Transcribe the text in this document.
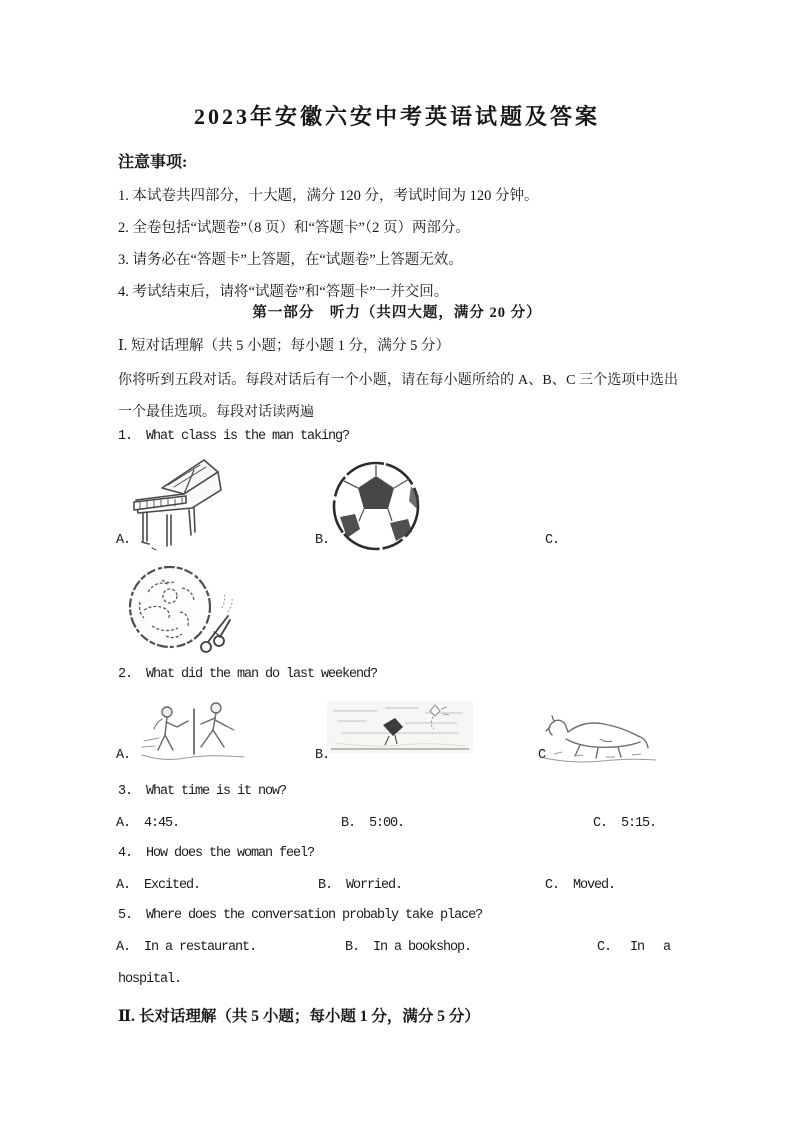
2023年安徽六安中考英语试题及答案
注意事项:
1. 本试卷共四部分，十大题，满分 120 分，考试时间为 120 分钟。
2. 全卷包括“试题卷”（8 页）和“答题卡”（2 页）两部分。
3. 请务必在“答题卡”上答题，在“试题卷”上答题无效。
4. 考试结束后，请将“试题卷”和“答题卡”一并交回。
第一部分　听力（共四大题，满分 20 分）
Ⅰ. 短对话理解（共 5 小题；每小题 1 分，满分 5 分）
你将听到五段对话。每段对话后有一个小题，请在每小题所给的 A、B、C 三个选项中选出
一个最佳选项。每段对话读两遍
1.  What class is the man taking?
A.	B.	C.
2.  What did the man do last weekend?
A.	B.	C
3.  What time is it now?
A.  4:45.	B.  5:00.	C.  5:15.
4.  How does the woman feel?
A.  Excited.	B.  Worried.	C.  Moved.
5.  Where does the conversation probably take place?
A.  In a restaurant.	B.  In a bookshop.	C. In a
hospital.
Ⅱ. 长对话理解（共 5 小题；每小题 1 分，满分 5 分）
